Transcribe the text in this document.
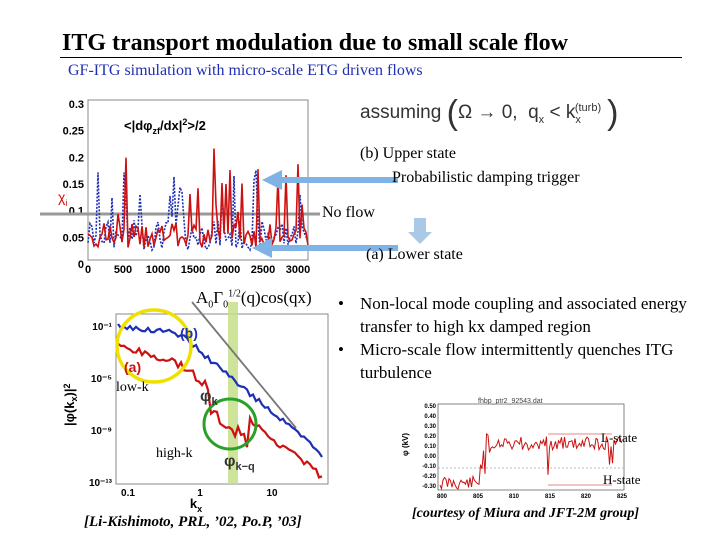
ITG transport modulation due to small scale flow
GF-ITG simulation with micro-scale ETG driven flows
assuming (Ω → 0,  $q_x < k_x^{(turb)}$ )
0.3
0.25
0.2
0.15
0.1
0.05
0 0 500 1000 1500 2000 2500 3000
$<|d\varphi_{zf}/dx|^2>/2$
$\chi_i$
(b) Upper state
Probabilistic damping trigger
No flow
(a) Lower state
$A_0\Gamma_0^{1/2}(q)\cos(qx)$
10⁻¹
10⁻⁵
10⁻⁹
10⁻¹³
0.1	1	10
$|\varphi(k_x)|^2$
$k_x$
(b)
(a)
$\varphi_k$
$\varphi_{k-q}$
low-k
high-k
• Non-local mode coupling and associated energy transfer to high kx damped region
• Micro-scale flow intermittently quenches ITG turbulence
fhbp_ptr2_92543.dat
0.50
0.40
0.30
0.20
0.10
0.00
-0.10
-0.20
-0.30
800	805	810	815	820	825
φ (kV)	L-state
H-state
[Li-Kishimoto, PRL, ’02, Po.P, ’03]
[courtesy of Miura and JFT-2M group]
